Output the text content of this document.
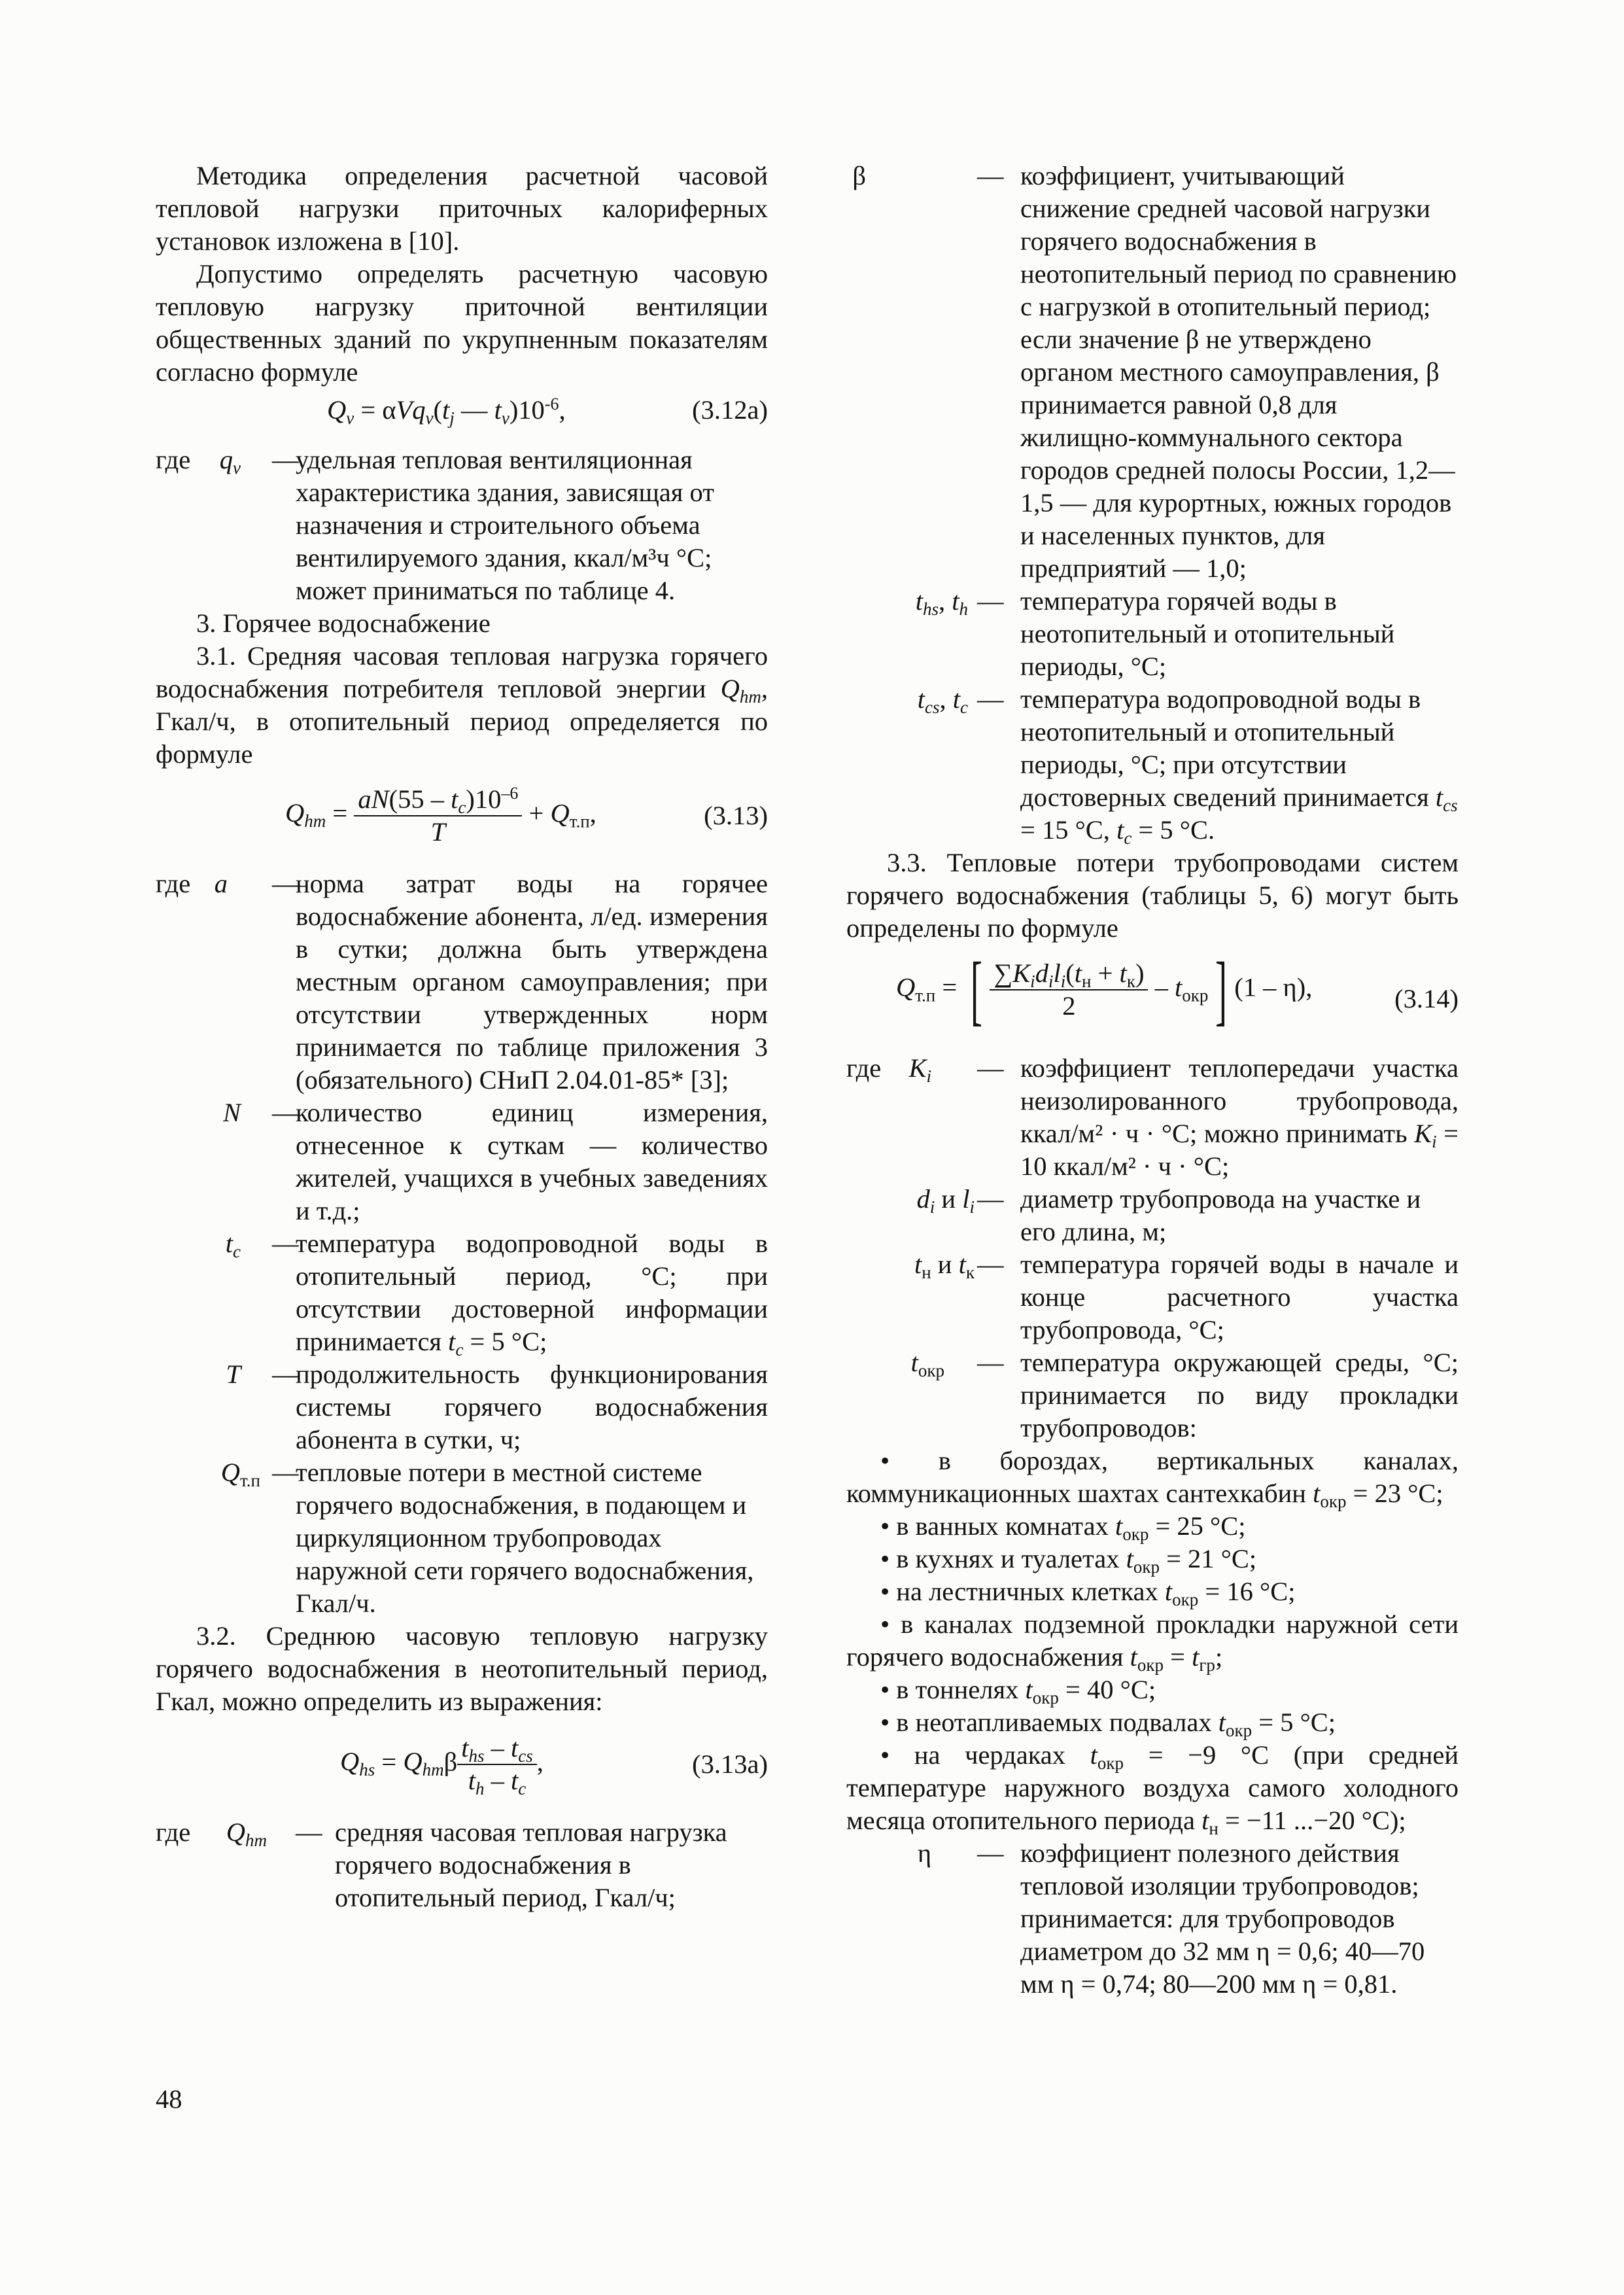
Методика определения расчетной часовой тепловой нагрузки приточных калориферных установок изложена в [10].

Допустимо определять расчетную часовую тепловую нагрузку приточной вентиляции общественных зданий по укрупненным показателям согласно формуле

$Q_v = \alpha Vq_v(t_j$ — $t_v)10^{-6}$,	(3.12а)
где	$q_v$ —
удельная тепловая вентиляционная характеристика здания, зависящая от назначения и строительного объема вентилируемого здания, ккал/м³ч °С; может приниматься по таблице 4.

3. Горячее водоснабжение

3.1. Средняя часовая тепловая нагрузка горячего водоснабжения потребителя тепловой энергии $Q_{hm}$, Гкал/ч, в отопительный период определяется по формуле

$Q_{hm} = \frac{aN(55 - t_c)10^{-6}}{T} + Q_{т.п}$,	(3.13)
где a —
норма затрат воды на горячее водоснабжение абонента, л/ед. измерения в сутки; должна быть утверждена местным органом самоуправления; при отсутствии утвержденных норм принимается по таблице приложения 3 (обязательного) СНиП 2.04.01-85* [3];
N —
количество единиц измерения, отнесенное к суткам — количество жителей, учащихся в учебных заведениях и т.д.;
$t_c$ —
температура водопроводной воды в отопительный период, °С; при отсутствии достоверной информации принимается $t_c = 5$ °С;
T —
продолжительность функционирования системы горячего водоснабжения абонента в сутки, ч;
$Q_{т.п}$ —
тепловые потери в местной системе горячего водоснабжения, в подающем и циркуляционном трубопроводах наружной сети горячего водоснабжения, Гкал/ч.

3.2. Среднюю часовую тепловую нагрузку горячего водоснабжения в неотопительный период, Гкал, можно определить из выражения:

$Q_{hs} = Q_{hm}\beta \frac{t_{hs} - t_{cs}}{t_h - t_c}$ ,	(3.13а)
где	$Q_{hm}$ — средняя часовая тепловая нагрузка горячего водоснабжения в отопительный период, Гкал/ч;
β	— коэффициент, учитывающий снижение средней часовой нагрузки горячего водоснабжения в неотопительный период по сравнению с нагрузкой в отопительный период; если значение β не утверждено органом местного самоуправления, β принимается равной 0,8 для жилищно-коммунального сектора городов средней полосы России, 1,2—1,5 — для курортных, южных городов и населенных пунктов, для предприятий — 1,0;
$t_{hs}$, $t_h$ — температура горячей воды в неотопительный и отопительный периоды, °С;
$t_{cs}$, $t_c$ — температура водопроводной воды в неотопительный и отопительный периоды, °С; при отсутствии достоверных сведений принимается $t_{cs} = 15$ °С, $t_c = 5$ °С.

3.3. Тепловые потери трубопроводами систем горячего водоснабжения (таблицы 5, 6) могут быть определены по формуле

$Q_{т.п}$ = [ $\frac{\sum K_id_il_i(t_н + t_к)}{2} - t_{окр}$] (1 – η),	(3.14)
где	$K_i$ — коэффициент теплопередачи участка неизолированного трубопровода, ккал/м² · ч · °С; можно принимать $K_i = 10$ ккал/м² · ч · °С;
$d_i$ и $l_i$ — диаметр трубопровода на участке и его длина, м;
$t_н$ и $t_к$ — температура горячей воды в начале и конце расчетного участка трубопровода, °С;
$t_{окр}$ — температура окружающей среды, °С; принимается по виду прокладки трубопроводов:

• в бороздах, вертикальных каналах, коммуникационных шахтах сантехкабин $t_{окр} = 23$ °С;

• в ванных комнатах $t_{окр} = 25$ °С;

• в кухнях и туалетах $t_{окр} = 21$ °С;

• на лестничных клетках $t_{окр} = 16$ °С;

• в каналах подземной прокладки наружной сети горячего водоснабжения $t_{окр} = t_{гр}$;

• в тоннелях $t_{окр} = 40$ °С;

• в неотапливаемых подвалах $t_{окр} = 5$ °С;

• на чердаках $t_{окр} = -9$ °С (при средней температуре наружного воздуха самого холодного месяца отопительного периода $t_н = -11$ ...−20 °С);

η — коэффициент полезного действия тепловой изоляции трубопроводов; принимается: для трубопроводов диаметром до 32 мм η = 0,6; 40—70 мм η = 0,74; 80—200 мм η = 0,81.
48
